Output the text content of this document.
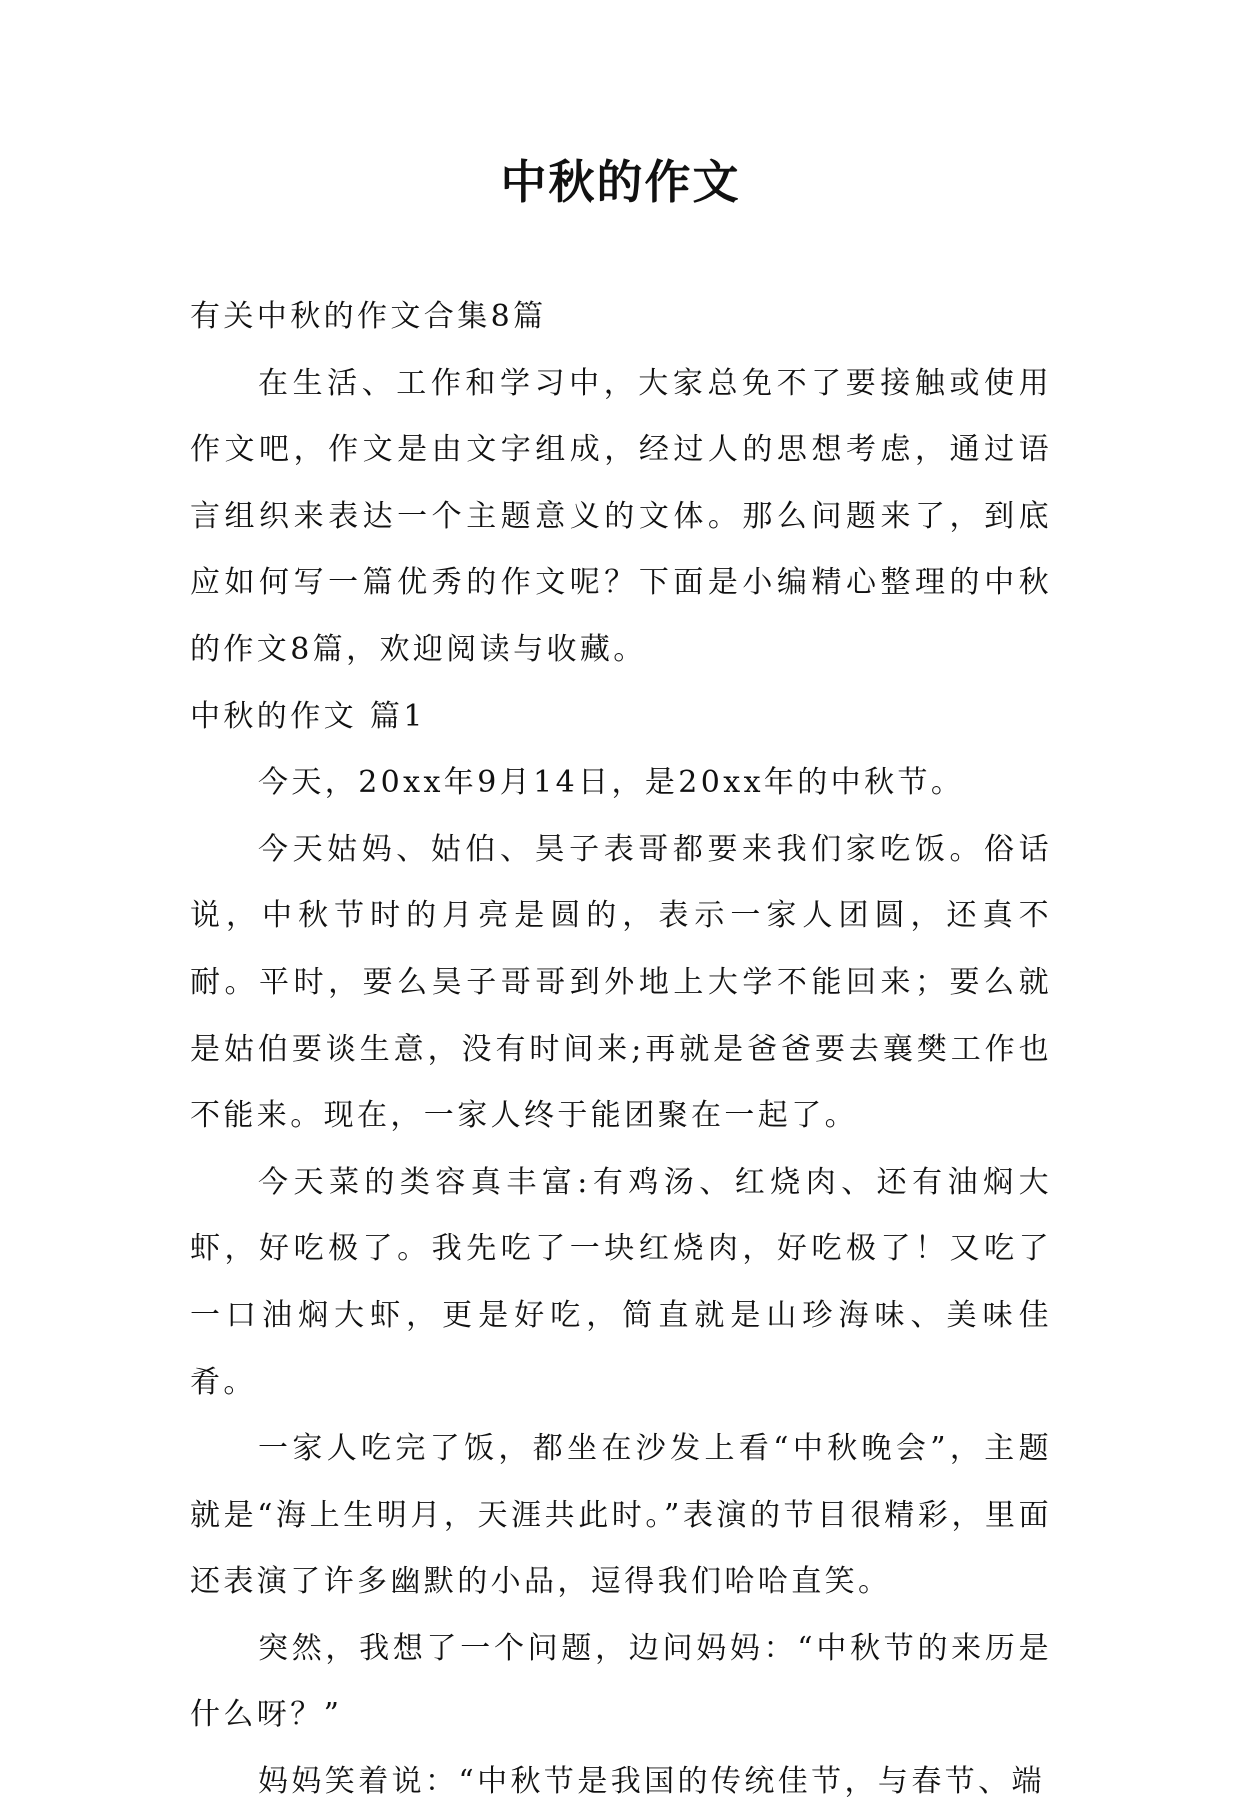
中秋的作文

有关中秋的作文合集8篇

在生活、工作和学习中，大家总免不了要接触或使用作文吧，作文是由文字组成，经过人的思想考虑，通过语言组织来表达一个主题意义的文体。那么问题来了，到底应如何写一篇优秀的作文呢？下面是小编精心整理的中秋的作文8篇，欢迎阅读与收藏。

中秋的作文 篇1

今天，20xx年9月14日，是20xx年的中秋节。

今天姑妈、姑伯、昊子表哥都要来我们家吃饭。俗话说，中秋节时的月亮是圆的，表示一家人团圆，还真不耐。平时，要么昊子哥哥到外地上大学不能回来；要么就是姑伯要谈生意，没有时间来;再就是爸爸要去襄樊工作也不能来。现在，一家人终于能团聚在一起了。

今天菜的类容真丰富:有鸡汤、红烧肉、还有油焖大虾，好吃极了。我先吃了一块红烧肉，好吃极了！又吃了一口油焖大虾，更是好吃，简直就是山珍海味、美味佳肴。

一家人吃完了饭，都坐在沙发上看“中秋晚会”，主题就是“海上生明月，天涯共此时。”表演的节目很精彩，里面还表演了许多幽默的小品，逗得我们哈哈直笑。

突然，我想了一个问题，边问妈妈：“中秋节的来历是什么呀？”

妈妈笑着说：“中秋节是我国的传统佳节，与春节、端
